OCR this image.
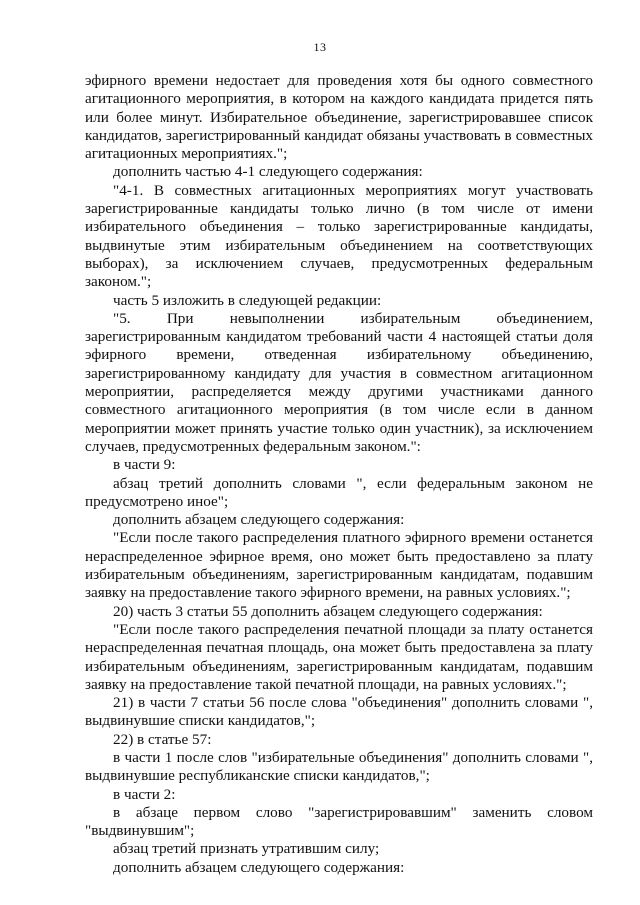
13

эфирного времени недостает для проведения хотя бы одного совместного агитационного мероприятия, в котором на каждого кандидата придется пять или более минут. Избирательное объединение, зарегистрировавшее список кандидатов, зарегистрированный кандидат обязаны участвовать в совместных агитационных мероприятиях.";

дополнить частью 4-1 следующего содержания:

"4-1. В совместных агитационных мероприятиях могут участвовать зарегистрированные кандидаты только лично (в том числе от имени избирательного объединения – только зарегистрированные кандидаты, выдвинутые этим избирательным объединением на соответствующих выборах), за исключением случаев, предусмотренных федеральным законом.";

часть 5 изложить в следующей редакции:

"5. При невыполнении избирательным объединением, зарегистрированным кандидатом требований части 4 настоящей статьи доля эфирного времени, отведенная избирательному объединению, зарегистрированному кандидату для участия в совместном агитационном мероприятии, распределяется между другими участниками данного совместного агитационного мероприятия (в том числе если в данном мероприятии может принять участие только один участник), за исключением случаев, предусмотренных федеральным законом.":

в части 9:

абзац третий дополнить словами ", если федеральным законом не предусмотрено иное";

дополнить абзацем следующего содержания:

"Если после такого распределения платного эфирного времени останется нераспределенное эфирное время, оно может быть предоставлено за плату избирательным объединениям, зарегистрированным кандидатам, подавшим заявку на предоставление такого эфирного времени, на равных условиях.";

20) часть 3 статьи 55 дополнить абзацем следующего содержания:

"Если после такого распределения печатной площади за плату останется нераспределенная печатная площадь, она может быть предоставлена за плату избирательным объединениям, зарегистрированным кандидатам, подавшим заявку на предоставление такой печатной площади, на равных условиях.";

21) в части 7 статьи 56 после слова "объединения" дополнить словами ", выдвинувшие списки кандидатов,";

22) в статье 57:

в части 1 после слов "избирательные объединения" дополнить словами ", выдвинувшие республиканские списки кандидатов,";

в части 2:

в абзаце первом слово "зарегистрировавшим" заменить словом "выдвинувшим";

абзац третий признать утратившим силу;

дополнить абзацем следующего содержания:
